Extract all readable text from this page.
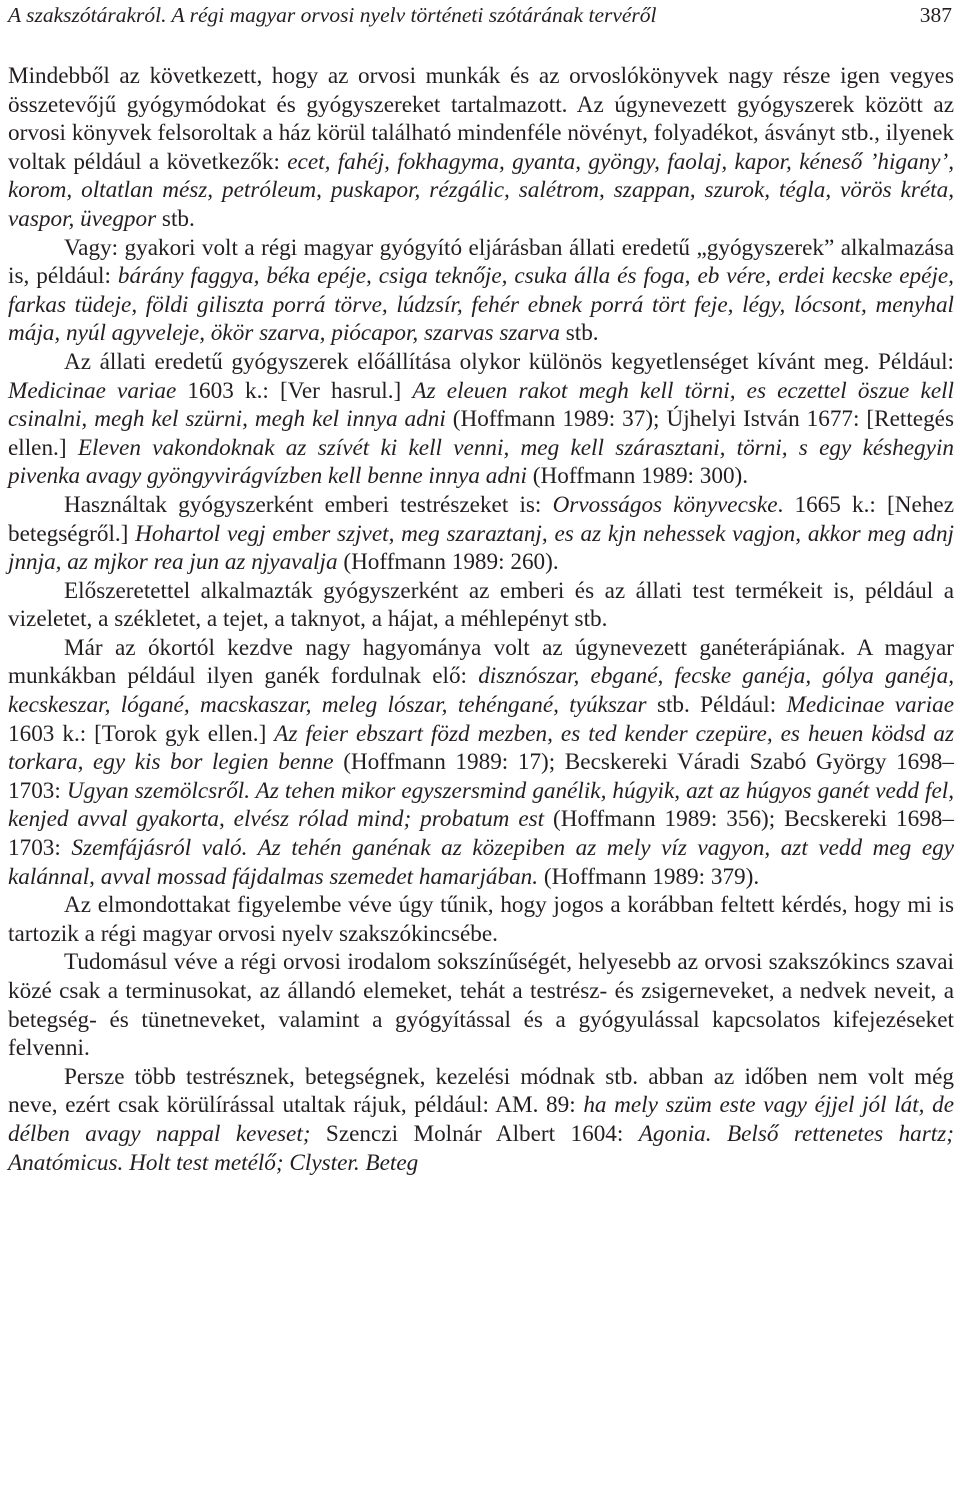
A szakszótárakról. A régi magyar orvosi nyelv történeti szótárának tervéről	387

Mindebből az következett, hogy az orvosi munkák és az orvoslókönyvek nagy része igen vegyes összetevőjű gyógymódokat és gyógyszereket tartalmazott. Az úgynevezett gyógyszerek között az orvosi könyvek felsoroltak a ház körül található mindenféle növényt, folyadékot, ásványt stb., ilyenek voltak például a következők: ecet, fahéj, fokhagyma, gyanta, gyöngy, faolaj, kapor, kéneső ’higany’, korom, oltatlan mész, petróleum, puskapor, rézgálic, salétrom, szappan, szurok, tégla, vörös kréta, vaspor, üvegpor stb.

Vagy: gyakori volt a régi magyar gyógyító eljárásban állati eredetű „gyógyszerek” alkalmazása is, például: bárány faggya, béka epéje, csiga teknője, csuka álla és foga, eb vére, erdei kecske epéje, farkas tüdeje, földi giliszta porrá törve, lúdzsír, fehér ebnek porrá tört feje, légy, lócsont, menyhal mája, nyúl agyveleje, ökör szarva, piócapor, szarvas szarva stb.

Az állati eredetű gyógyszerek előállítása olykor különös kegyetlenséget kívánt meg. Például: Medicinae variae 1603 k.: [Ver hasrul.] Az eleuen rakot megh kell törni, es eczettel öszue kell csinalni, megh kel szürni, megh kel innya adni (Hoffmann 1989: 37); Újhelyi István 1677: [Rettegés ellen.] Eleven vakondoknak az szívét ki kell venni, meg kell szárasztani, törni, s egy késhegyin pivenka avagy gyöngyvirágvízben kell benne innya adni (Hoffmann 1989: 300).

Használtak gyógyszerként emberi testrészeket is: Orvosságos könyvecske. 1665 k.: [Nehez betegségről.] Hohartol vegj ember szjvet, meg szaraztanj, es az kjn nehessek vagjon, akkor meg adnj jnnja, az mjkor rea jun az njyavalja (Hoffmann 1989: 260).

Előszeretettel alkalmazták gyógyszerként az emberi és az állati test termékeit is, például a vizeletet, a székletet, a tejet, a taknyot, a hájat, a méhlepényt stb.

Már az ókortól kezdve nagy hagyománya volt az úgynevezett ganéterápiának. A magyar munkákban például ilyen ganék fordulnak elő: disznószar, ebgané, fecske ganéja, gólya ganéja, kecskeszar, lógané, macskaszar, meleg lószar, tehéngané, tyúkszar stb. Például: Medicinae variae 1603 k.: [Torok gyk ellen.] Az feier ebszart fözd mezben, es ted kender czepüre, es heuen ködsd az torkara, egy kis bor legien benne (Hoffmann 1989: 17); Becskereki Váradi Szabó György 1698–1703: Ugyan szemölcsről. Az tehen mikor egyszersmind ganélik, húgyik, azt az húgyos ganét vedd fel, kenjed avval gyakorta, elvész rólad mind; probatum est (Hoffmann 1989: 356); Becskereki 1698–1703: Szemfájásról való. Az tehén ganénak az közepiben az mely víz vagyon, azt vedd meg egy kalánnal, avval mossad fájdalmas szemedet hamarjában. (Hoffmann 1989: 379).

Az elmondottakat figyelembe véve úgy tűnik, hogy jogos a korábban feltett kérdés, hogy mi is tartozik a régi magyar orvosi nyelv szakszókincsébe.

Tudomásul véve a régi orvosi irodalom sokszínűségét, helyesebb az orvosi szakszókincs szavai közé csak a terminusokat, az állandó elemeket, tehát a testrész- és zsigerneveket, a nedvek neveit, a betegség- és tünetneveket, valamint a gyógyítással és a gyógyulással kapcsolatos kifejezéseket felvenni.

Persze több testrésznek, betegségnek, kezelési módnak stb. abban az időben nem volt még neve, ezért csak körülírással utaltak rájuk, például: AM. 89: ha mely szüm este vagy éjjel jól lát, de délben avagy nappal keveset; Szenczi Molnár Albert 1604: Agonia. Belső rettenetes hartz; Anatómicus. Holt test metélő; Clyster. Beteg
